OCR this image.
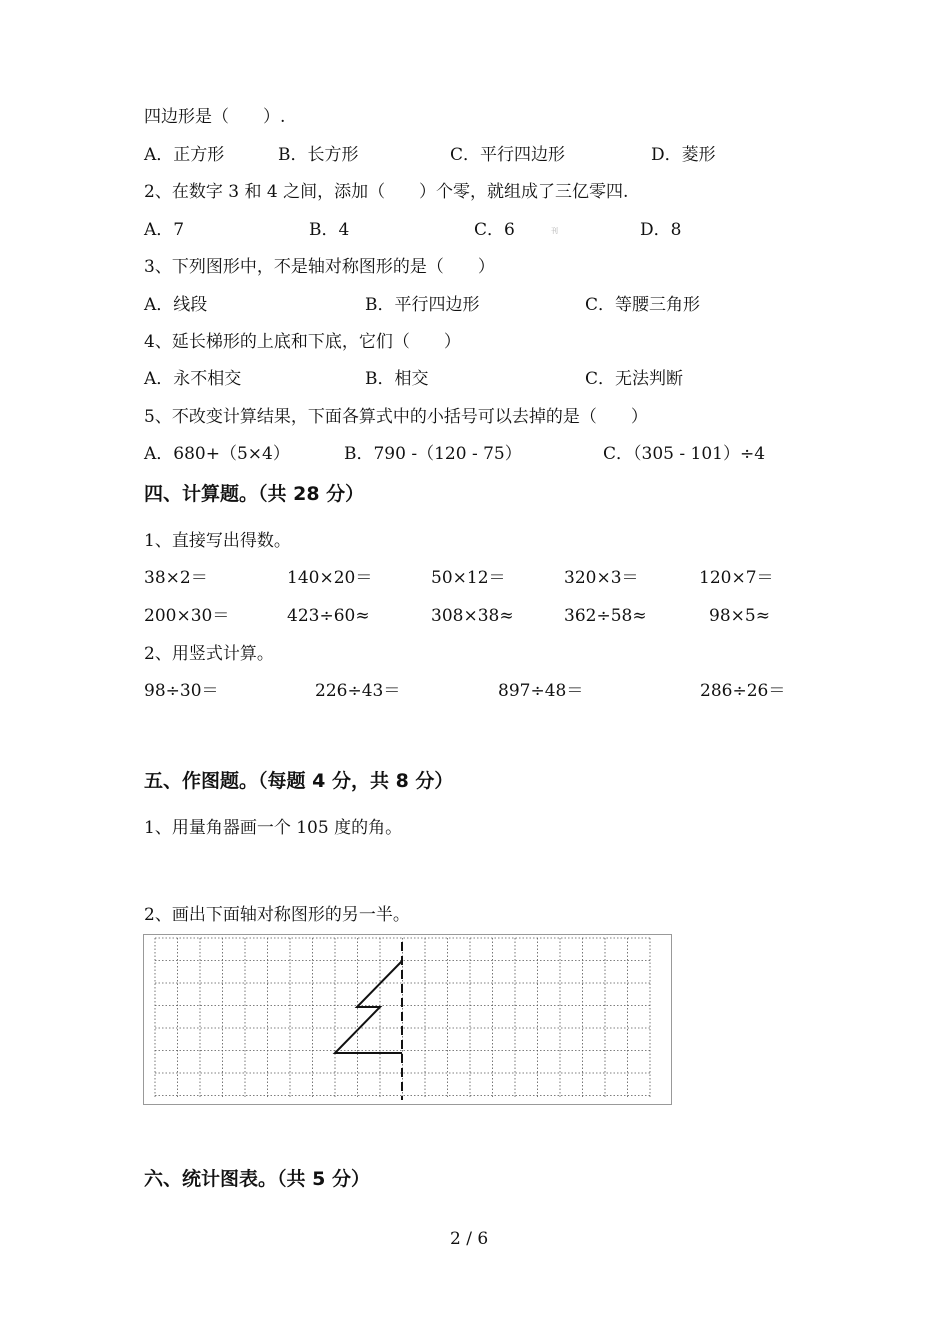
四边形是（　　）.
A．正方形	B．长方形	C．平行四边形	D．菱形
2、在数字 3 和 4 之间，添加（　　）个零，就组成了三亿零四.
A．7	B．4	C．6	刊	D．8
3、下列图形中，不是轴对称图形的是（　　）
A．线段	B．平行四边形	C．等腰三角形
4、延长梯形的上底和下底，它们（　　）
A．永不相交	B．相交	C．无法判断
5、不改变计算结果，下面各算式中的小括号可以去掉的是（　　）
A．680+（5×4）	B．790 -（120 - 75）	C．（305 - 101）÷4
四、计算题。（共 28 分）
1、直接写出得数。
38×2＝	140×20＝	50×12＝	320×3＝	120×7＝
200×30＝	423÷60≈	308×38≈	362÷58≈	98×5≈
2、用竖式计算。
98÷30＝	226÷43＝	897÷48＝	286÷26＝
五、作图题。（每题 4 分，共 8 分）
1、用量角器画一个 105 度的角。
2、画出下面轴对称图形的另一半。
六、统计图表。（共 5 分）
2 / 6
